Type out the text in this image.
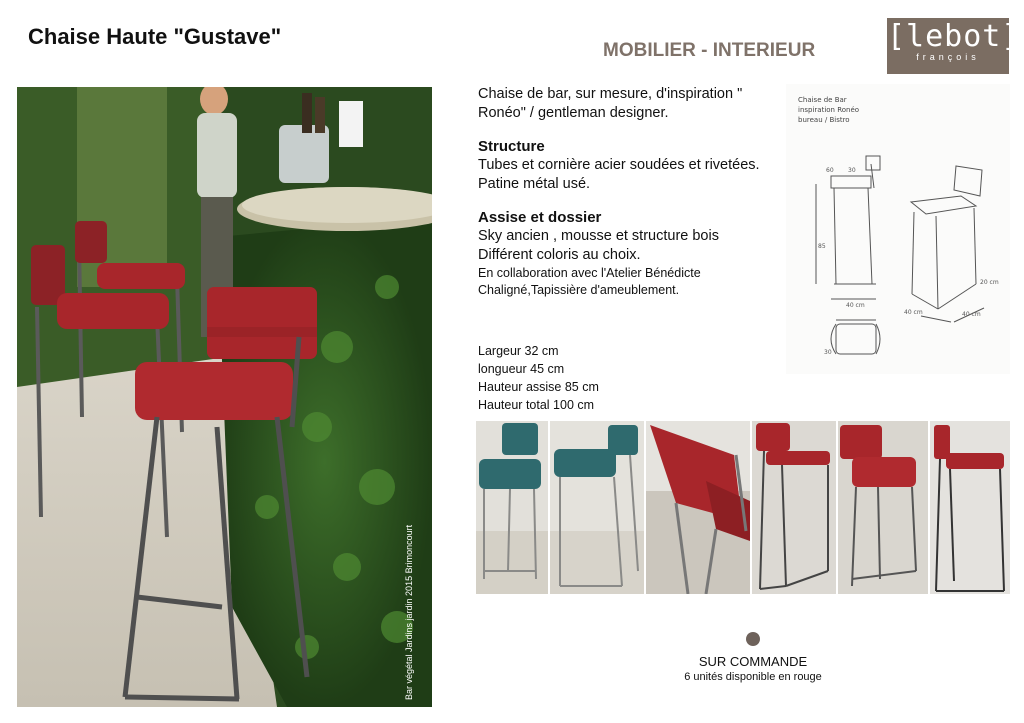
Chaise Haute "Gustave"
MOBILIER - INTERIEUR [lebot]
françois
Bar végétal Jardins jardin 2015 Brimoncourt

Chaise de bar, sur mesure, d'inspiration " Ronéo" / gentleman designer.

Structure

Tubes et cornière acier soudées et rivetées. Patine métal usé.

Assise et dossier

Sky ancien , mousse et structure bois

Différent coloris au choix.

En collaboration avec l'Atelier Bénédicte

Chaligné,Tapissière d'ameublement.

Largeur 32 cm
longueur 45 cm
Hauteur assise 85 cm
Hauteur total 100 cm
Chaise de Bar
inspiration Ronéo
bureau / Bistro
60 30
40 cm
85
40 cm	40 cm
20 cm
30
SUR COMMANDE
6 unités disponible en rouge
